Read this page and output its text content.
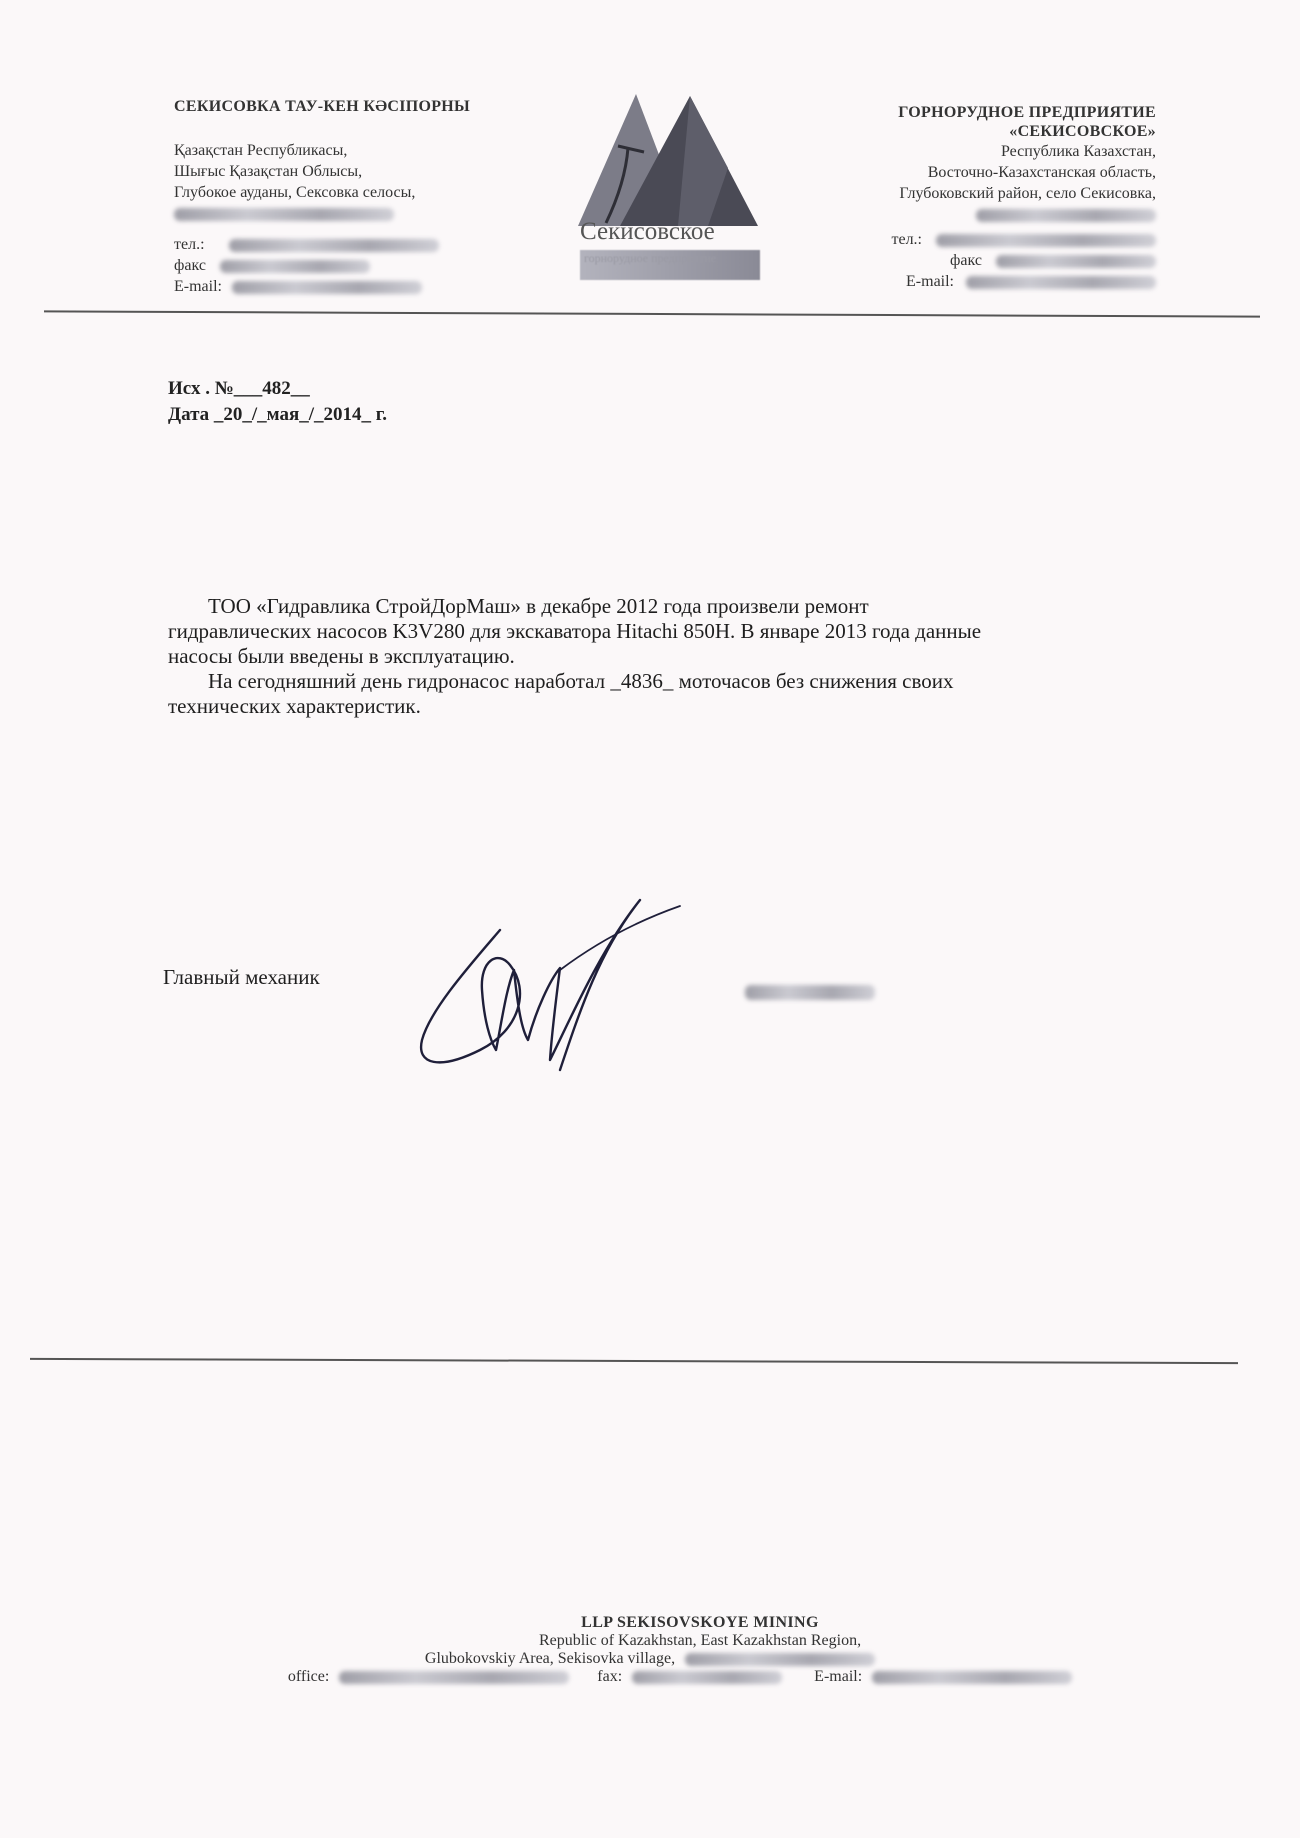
СЕКИСОВКА ТАУ-КЕН КӘСІПОРНЫ
Қазақстан Республикасы,
Шығыс Қазақстан Облысы,
Глубокое ауданы, Сексовка селосы,
тел.:
факс
E-mail:
Секисовское
горнорудное предприятие
ГОРНОРУДНОЕ ПРЕДПРИЯТИЕ
«СЕКИСОВСКОЕ»
Республика Казахстан,
Восточно-Казахстанская область,
Глубоковский район, село Секисовка,
тел.:
факс
E-mail:
Исх . №___482__
Дата _20_/_мая_/_2014_ г.
ТОО «Гидравлика СтройДорМаш» в декабре 2012 года произвели ремонт
гидравлических насосов K3V280 для экскаватора Hitachi 850H. В январе 2013 года данные
насосы были введены в эксплуатацию.
На сегодняшний день гидронасос наработал _4836_ моточасов без снижения своих
технических характеристик.
Главный механик
LLP SEKISOVSKOYE MINING
Republic of Kazakhstan, East Kazakhstan Region,
Glubokovskiy Area, Sekisovka village,
office:	fax:	E-mail:
